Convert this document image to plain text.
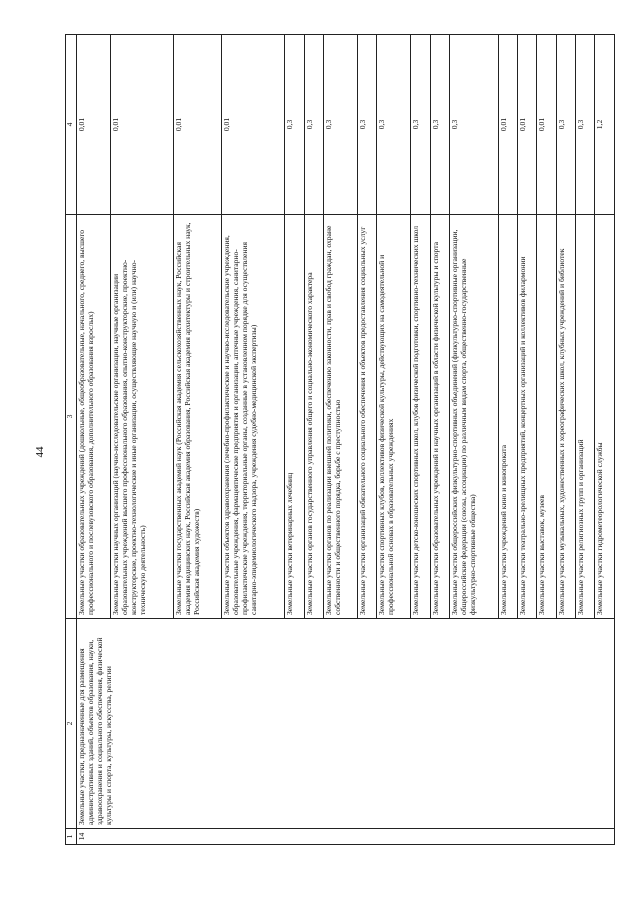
44
1	2	3	4
14	Земельные участки, предназначенные для размещения административных зданий, объектов образования, науки, здравоохранения и социального обеспечения, физической культуры и спорта, культуры, искусства, религии	Земельные участки образовательных учреждений (дошкольные, общеобразовательные, начального, среднего, высшего профессионального и послевузовского образования, дополнительного образования взрослых)	0,01
		Земельные участки научных организаций (научно-исследовательские организации, научные организации образовательных учреждений высшего профессионального образования, опытно-конструкторские, проектно-конструкторские, проектно-технологические и иные организации, осуществляющие научную и (или) научно-техническую деятельность)	0,01
		Земельные участки государственных академий наук (Российская академия сельскохозяйственных наук, Российская академия медицинских наук, Российская академия образования, Российская академия архитектуры и строительных наук, Российская академия художеств)	0,01
		Земельные участки объектов здравоохранения (лечебно-профилактические и научно-исследовательские учреждения, образовательные учреждения, фармацевтические предприятия и организации, аптечные учреждения, санитарно-профилактические учреждения, территориальные органы, созданные в установленном порядке для осуществления санитарно-эпидемиологического надзора, учреждения судебно-медицинской экспертизы)	0,01
		Земельные участки ветеринарных лечебниц	0,3
		Земельные участки органов государственного управления общего и социально-экономического характера	0,3
		Земельные участки органов по реализации внешней политики, обеспечению законности, прав и свобод граждан, охране собственности и общественного порядка, борьбе с преступностью	0,3
		Земельные участки организаций обязательного социального обеспечения и объектов предоставления социальных услуг	0,3
		Земельные участки спортивных клубов, коллективов физической культуры, действующих на самодеятельной и профессиональной основах в образовательных учреждениях	0,3
		Земельные участки детско-юношеских спортивных школ, клубов физической подготовки, спортивно-технических школ	0,3
		Земельные участки образовательных учреждений и научных организаций в области физической культуры и спорта	0,3
		Земельные участки общероссийских физкультурно-спортивных объединений (физкультурно-спортивные организации, общероссийские федерации (союзы, ассоциации) по различным видам спорта, общественно-государственные физкультурно-спортивные общества)	0,3
		Земельные участки учреждений кино и кинопроката	0,01
		Земельные участки театрально-зрелищных предприятий, концертных организаций и коллективов филармонии	0,01
		Земельные участки выставок, музеев	0,01
		Земельные участки музыкальных, художественных и хореографических школ, клубных учреждений и библиотек	0,3
		Земельные участки религиозных групп и организаций	0,3
		Земельные участки гидрометеорологической службы	1,2
